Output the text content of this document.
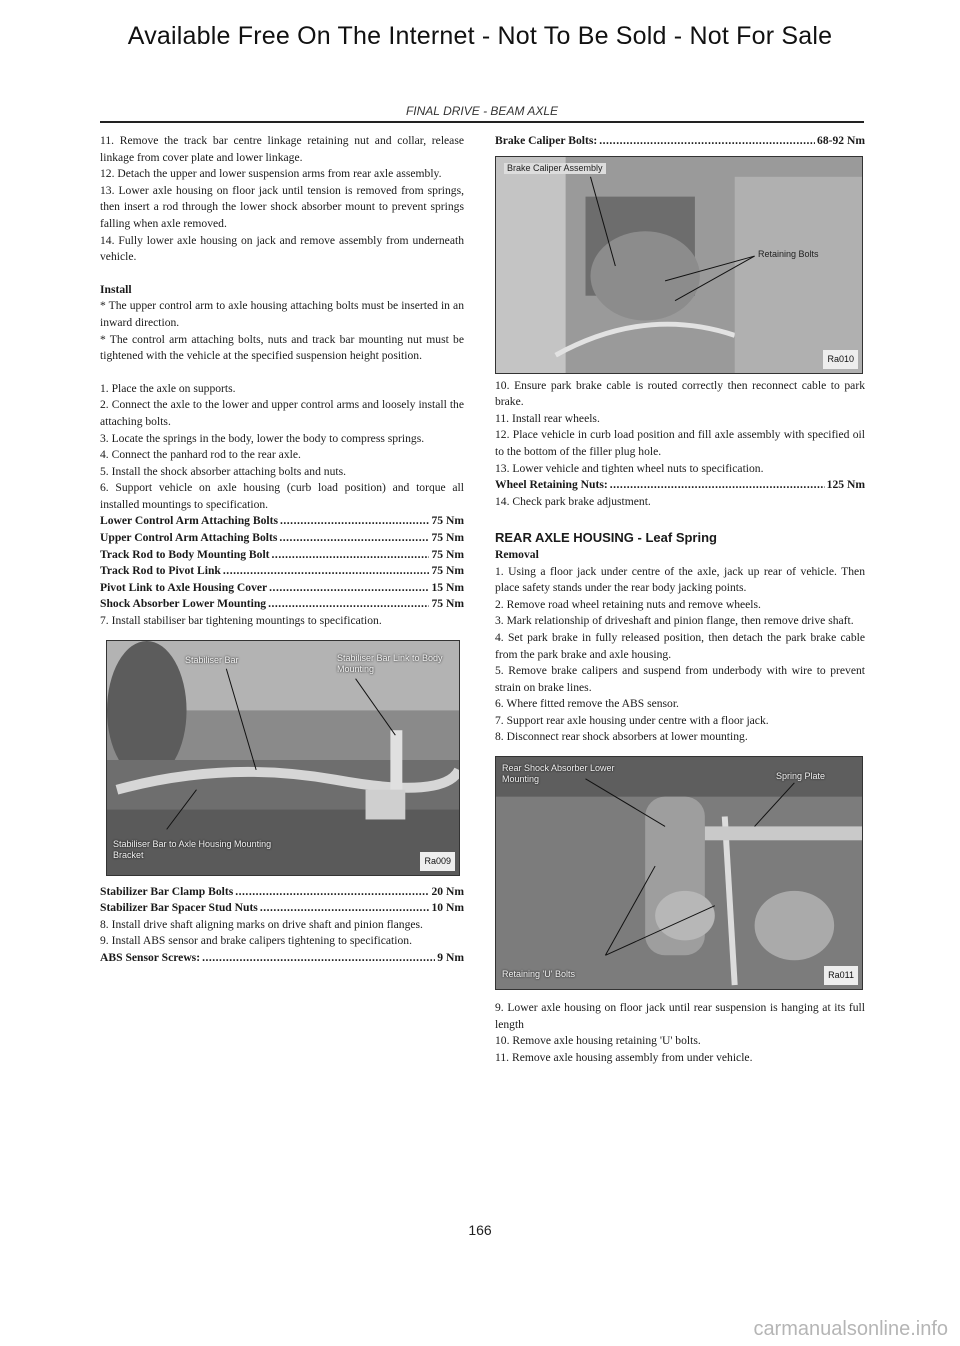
Available Free On The Internet - Not To Be Sold - Not For Sale
FINAL DRIVE - BEAM AXLE

11. Remove the track bar centre linkage retaining nut and collar, release linkage from cover plate and lower linkage.

12. Detach the upper and lower suspension arms from rear axle assembly.

13. Lower axle housing on floor jack until tension is removed from springs, then insert a rod through the lower shock absorber mount to prevent springs falling when axle removed.

14. Fully lower axle housing on jack and remove assembly from underneath vehicle.

Install

* The upper control arm to axle housing attaching bolts must be inserted in an inward direction.

* The control arm attaching bolts, nuts and track bar mounting nut must be tightened with the vehicle at the specified suspension height position.

1. Place the axle on supports.

2. Connect the axle to the lower and upper control arms and loosely install the attaching bolts.

3. Locate the springs in the body, lower the body to compress springs.

4. Connect the panhard rod to the rear axle.

5. Install the shock absorber attaching bolts and nuts.

6. Support vehicle on axle housing (curb load position) and torque all installed mountings to specification.

Lower Control Arm Attaching Bolts .....	75 Nm
Upper Control Arm Attaching Bolts .....	75 Nm
Track Rod to Body Mounting Bolt .....	75 Nm
Track Rod to Pivot Link .....	75 Nm
Pivot Link to Axle Housing Cover .....	15 Nm
Shock Absorber Lower Mounting .....	75 Nm

7. Install stabiliser bar tightening mountings to specification.

Stabiliser Bar	Stabiliser Bar Link to Body Mounting
Stabiliser Bar to Axle Housing Mounting Bracket
Ra009
Stabilizer Bar Clamp Bolts .....	20 Nm
Stabilizer Bar Spacer Stud Nuts .....	10 Nm

8. Install drive shaft aligning marks on drive shaft and pinion flanges.

9. Install ABS sensor and brake calipers tightening to specification.

ABS Sensor Screws: .....	9 Nm
Brake Caliper Bolts: .....	68-92 Nm
Brake Caliper Assembly
Retaining Bolts
Ra010

10. Ensure park brake cable is routed correctly then reconnect cable to park brake.

11. Install rear wheels.

12. Place vehicle in curb load position and fill axle assembly with specified oil to the bottom of the filler plug hole.

13. Lower vehicle and tighten wheel nuts to specification.

Wheel Retaining Nuts: .....	125 Nm

14. Check park brake adjustment.

REAR AXLE HOUSING - Leaf Spring

Removal

1. Using a floor jack under centre of the axle, jack up rear of vehicle. Then place safety stands under the rear body jacking points.

2. Remove road wheel retaining nuts and remove wheels.

3. Mark relationship of driveshaft and pinion flange, then remove drive shaft.

4. Set park brake in fully released position, then detach the park brake cable from the park brake and axle housing.

5. Remove brake calipers and suspend from underbody with wire to prevent strain on brake lines.

6. Where fitted remove the ABS sensor.

7. Support rear axle housing under centre with a floor jack.

8. Disconnect rear shock absorbers at lower mounting.

Rear Shock Absorber Lower Mounting	Spring Plate
Retaining 'U' Bolts	Ra011

9. Lower axle housing on floor jack until rear suspension is hanging at its full length

10. Remove axle housing retaining 'U' bolts.

11. Remove axle housing assembly from under vehicle.

166
carmanualsonline.info
